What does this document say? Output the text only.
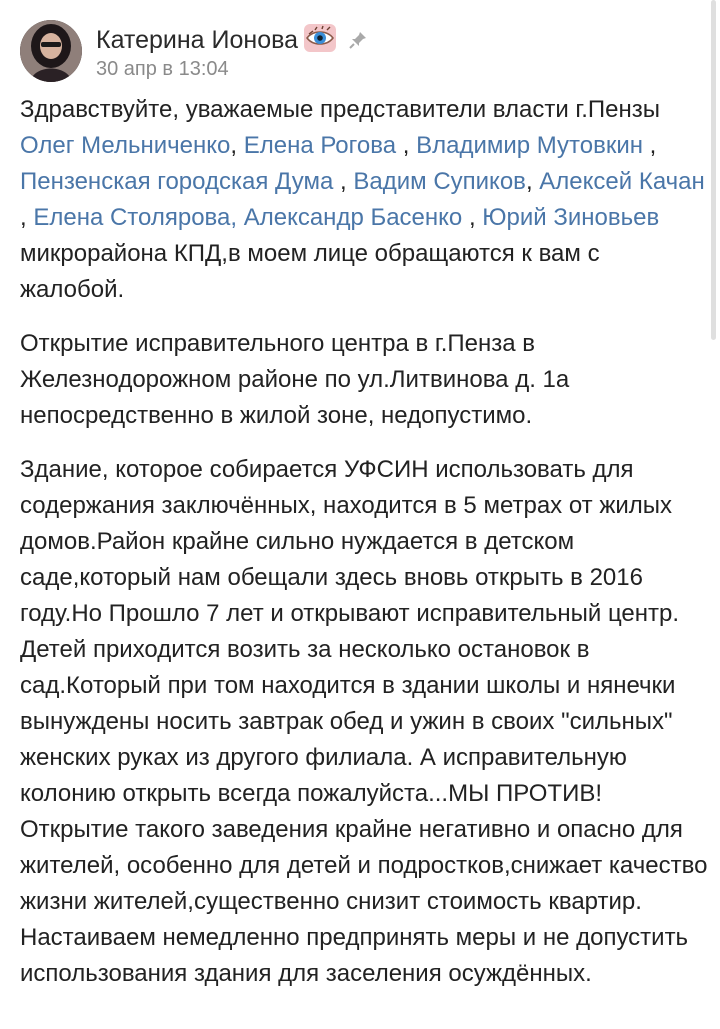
Катерина Ионова
30 апр в 13:04

Здравствуйте, уважаемые представители власти г.Пензы Олег Мельниченко, Елена Рогова , Владимир Мутовкин , Пензенская городская Дума , Вадим Супиков, Алексей Качан , Елена Столярова, Александр Басенко , Юрий Зиновьев микрорайона КПД,в моем лице обращаются к вам с жалобой.

Открытие исправительного центра в г.Пенза в Железнодорожном районе по ул.Литвинова д. 1а непосредственно в жилой зоне, недопустимо.

Здание, которое собирается УФСИН использовать для содержания заключённых, находится в 5 метрах от жилых домов.Район крайне сильно нуждается в детском саде,который нам обещали здесь вновь открыть в 2016 году.Но Прошло 7 лет и открывают исправительный центр. Детей приходится возить за несколько остановок в сад.Который при том находится в здании школы и нянечки вынуждены носить завтрак обед и ужин в своих "сильных" женских руках из другого филиала. А исправительную колонию открыть всегда пожалуйста...МЫ ПРОТИВ!

Открытие такого заведения крайне негативно и опасно для жителей, особенно для детей и подростков,снижает качество жизни жителей,существенно снизит стоимость квартир. Настаиваем немедленно предпринять меры и не допустить использования здания для заселения осуждённых.
